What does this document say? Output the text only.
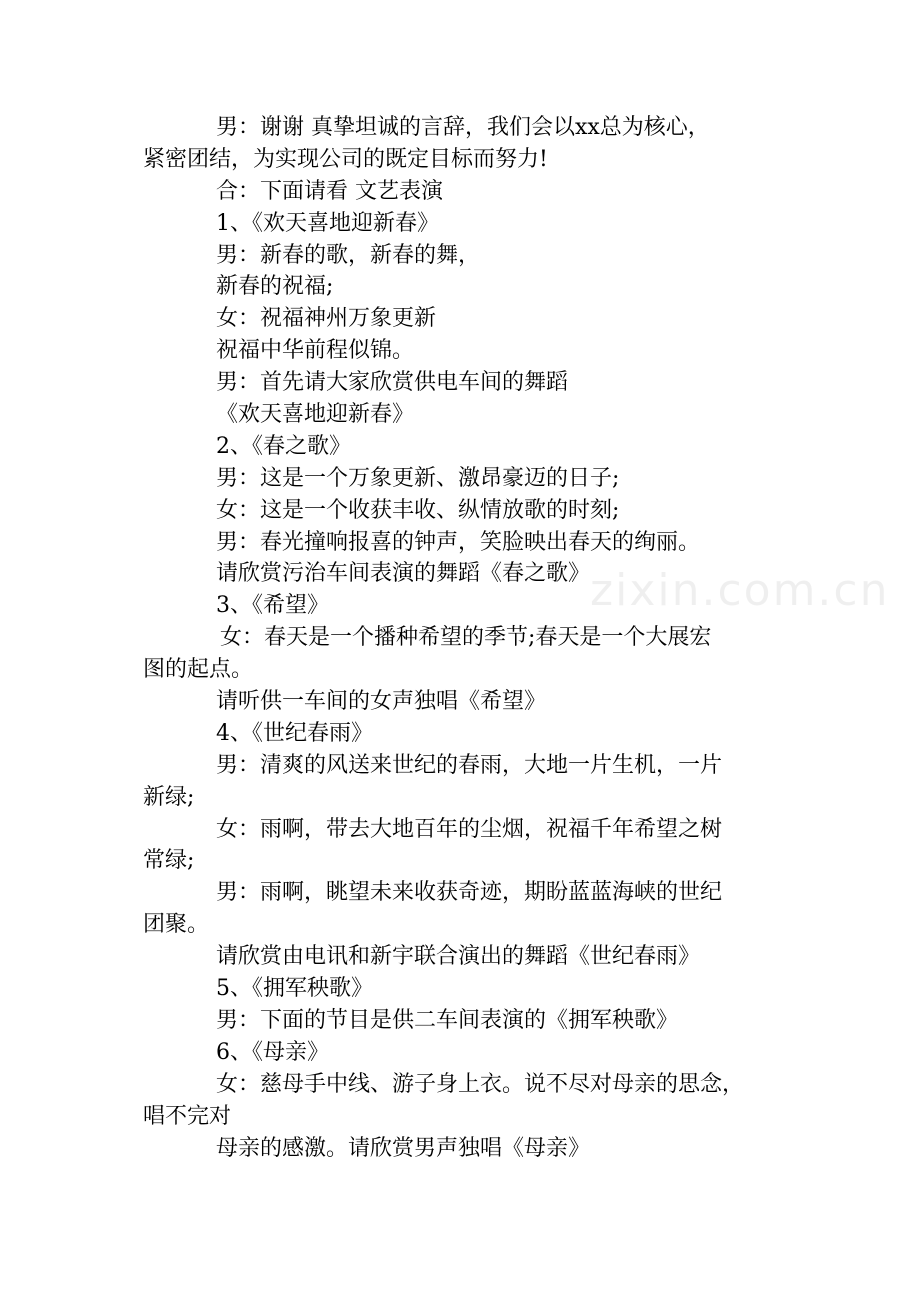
男：谢谢 真挚坦诚的言辞，我们会以xx总为核心，
紧密团结，为实现公司的既定目标而努力!
合：下面请看 文艺表演
1、《欢天喜地迎新春》
男：新春的歌，新春的舞，
新春的祝福;
女：祝福神州万象更新
祝福中华前程似锦。
男：首先请大家欣赏供电车间的舞蹈
《欢天喜地迎新春》
2、《春之歌》
男：这是一个万象更新、激昂豪迈的日子;
女：这是一个收获丰收、纵情放歌的时刻;
男：春光撞响报喜的钟声，笑脸映出春天的绚丽。
请欣赏污治车间表演的舞蹈《春之歌》
3、《希望》
女：春天是一个播种希望的季节;春天是一个大展宏
图的起点。
请听供一车间的女声独唱《希望》
4、《世纪春雨》
男：清爽的风送来世纪的春雨，大地一片生机，一片
新绿;
女：雨啊，带去大地百年的尘烟，祝福千年希望之树
常绿;
男：雨啊，眺望未来收获奇迹，期盼蓝蓝海峡的世纪
团聚。
请欣赏由电讯和新宇联合演出的舞蹈《世纪春雨》
5、《拥军秧歌》
男：下面的节目是供二车间表演的《拥军秧歌》
6、《母亲》
女：慈母手中线、游子身上衣。说不尽对母亲的思念，
唱不完对
母亲的感激。请欣赏男声独唱《母亲》
zixin.com.cn
